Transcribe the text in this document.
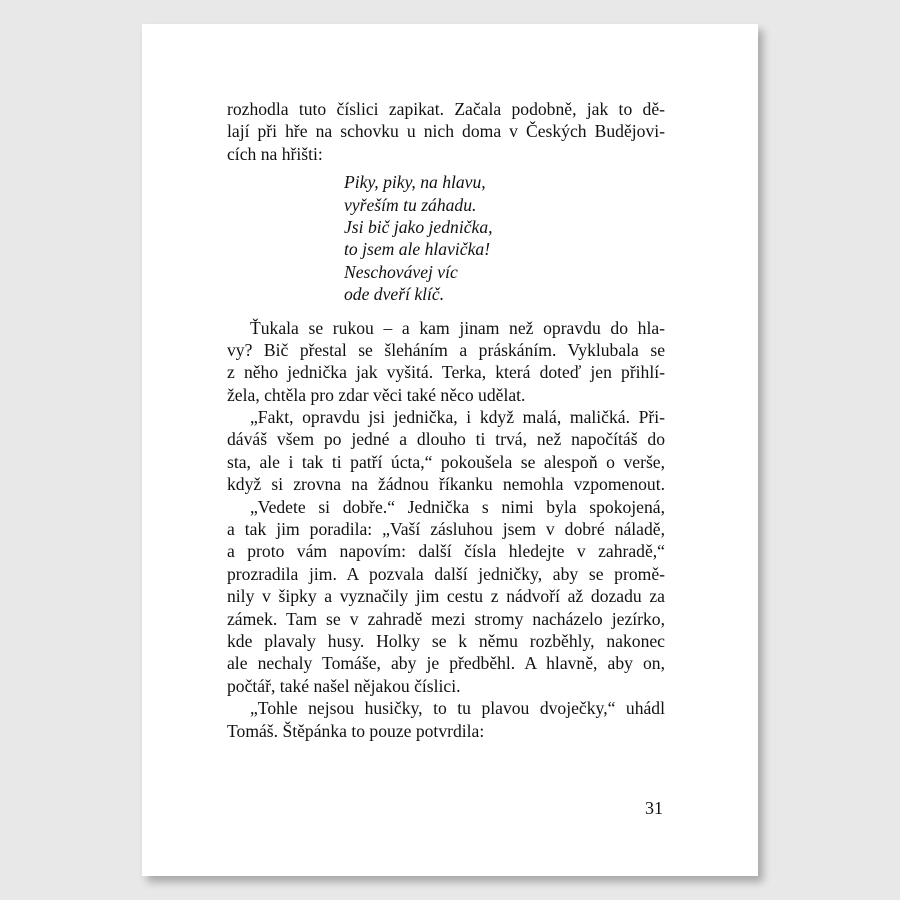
rozhodla tuto číslici zapikat. Začala podobně, jak to dě-
lají při hře na schovku u nich doma v Českých Budějovi-
cích na hřišti:
Piky, piky, na hlavu,
vyřeším tu záhadu.
Jsi bič jako jednička,
to jsem ale hlavička!
Neschovávej víc
ode dveří klíč.
Ťukala se rukou – a kam jinam než opravdu do hla-
vy? Bič přestal se šleháním a práskáním. Vyklubala se
z něho jednička jak vyšitá. Terka, která doteď jen přihlí-
žela, chtěla pro zdar věci také něco udělat.
„Fakt, opravdu jsi jednička, i když malá, maličká. Při-
dáváš všem po jedné a dlouho ti trvá, než napočítáš do
sta, ale i tak ti patří úcta,“ pokoušela se alespoň o verše,
když si zrovna na žádnou říkanku nemohla vzpomenout.
„Vedete si dobře.“ Jednička s nimi byla spokojená,
a tak jim poradila: „Vaší zásluhou jsem v dobré náladě,
a proto vám napovím: další čísla hledejte v zahradě,“
prozradila jim. A pozvala další jedničky, aby se promě-
nily v šipky a vyznačily jim cestu z nádvoří až dozadu za
zámek. Tam se v zahradě mezi stromy nacházelo jezírko,
kde plavaly husy. Holky se k němu rozběhly, nakonec
ale nechaly Tomáše, aby je předběhl. A hlavně, aby on,
počtář, také našel nějakou číslici.
„Tohle nejsou husičky, to tu plavou dvoječky,“ uhádl
Tomáš. Štěpánka to pouze potvrdila:
31
